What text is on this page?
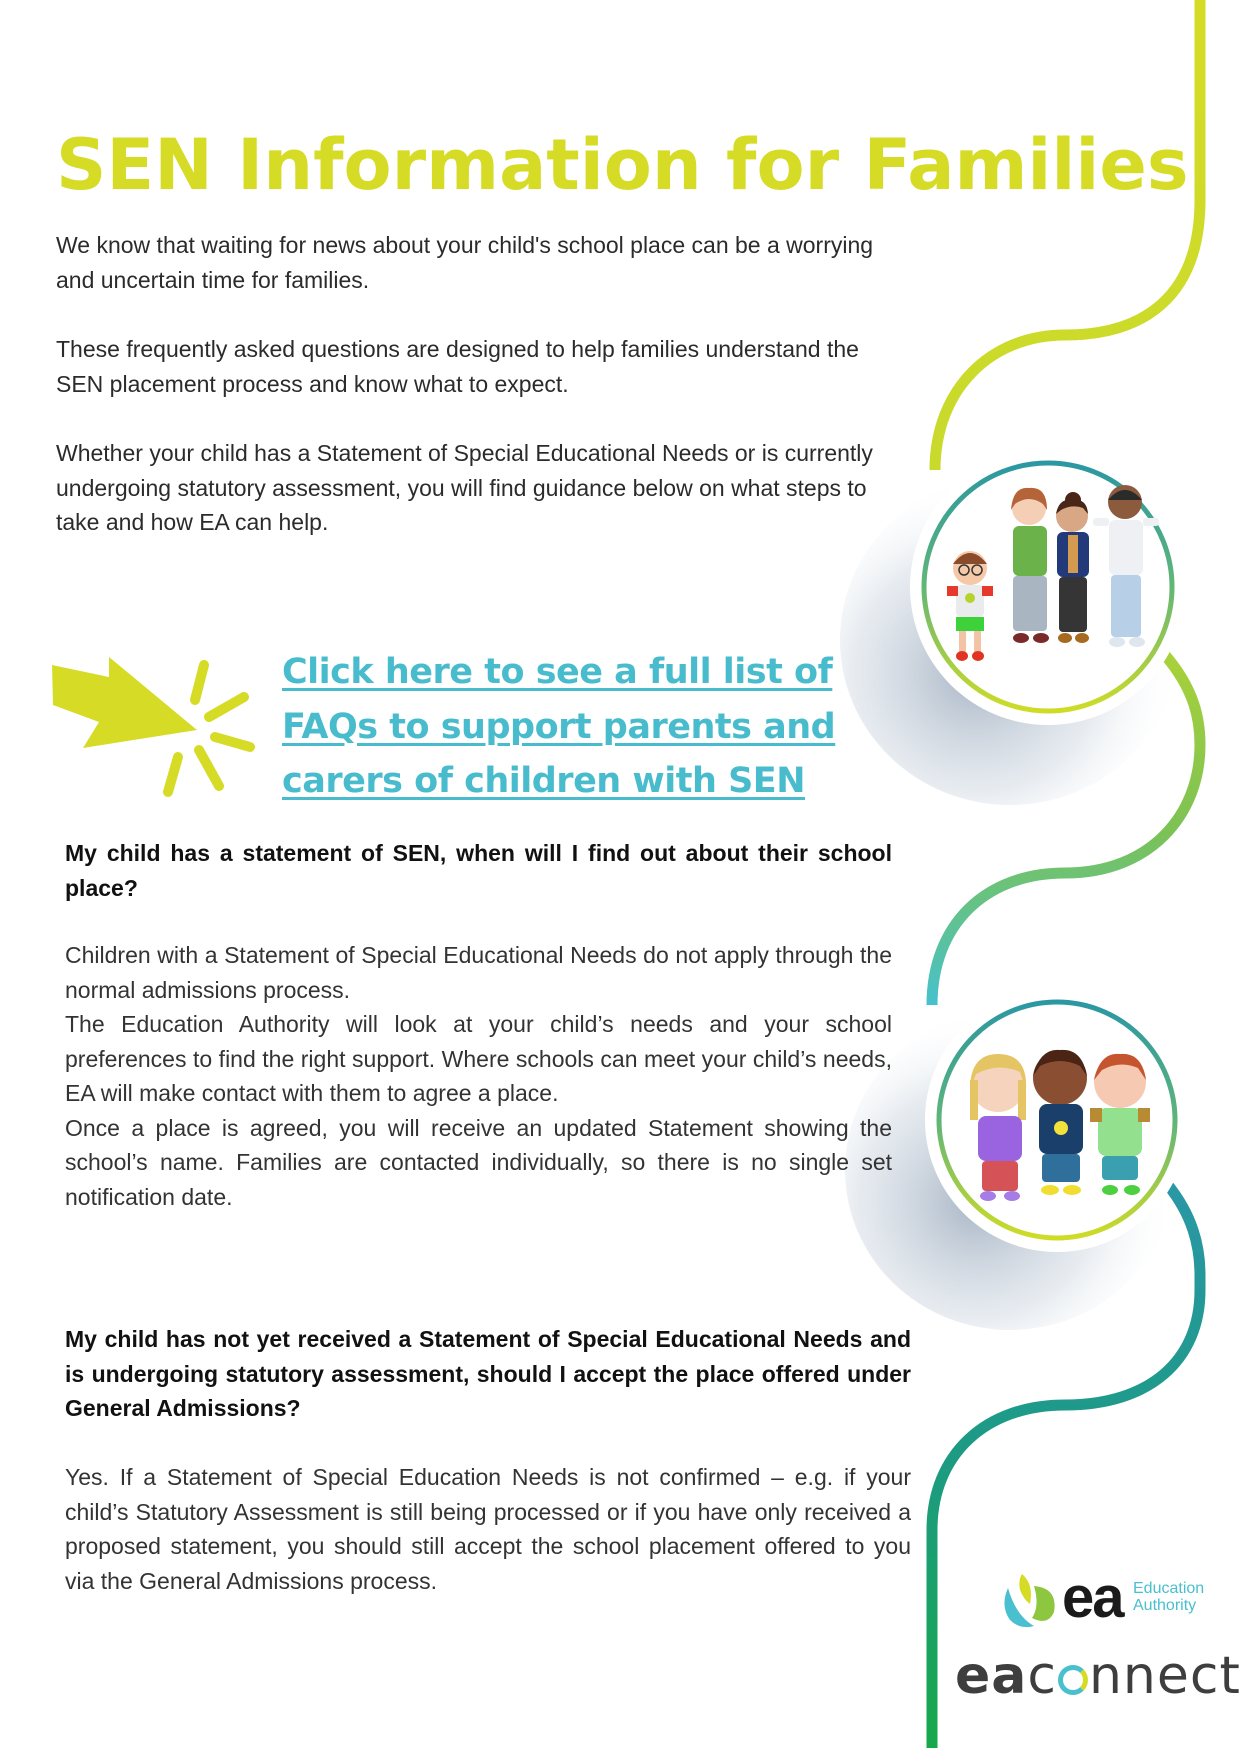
SEN Information for Families
We know that waiting for news about your child's school place can be a worrying and uncertain time for families.
These frequently asked questions are designed to help families understand the SEN placement process and know what to expect.
Whether your child has a Statement of Special Educational Needs or is currently undergoing statutory assessment, you will find guidance below on what steps to take and how EA can help.
Click here to see a full list of FAQs to support parents and carers of children with SEN
My child has a statement of SEN, when will I find out about their school place?

Children with a Statement of Special Educational Needs do not apply through the normal admissions process.

The Education Authority will look at your child’s needs and your school preferences to find the right support. Where schools can meet your child’s needs, EA will make contact with them to agree a place.

Once a place is agreed, you will receive an updated Statement showing the school’s name. Families are contacted individually, so there is no single set notification date.

My child has not yet received a Statement of Special Educational Needs and is undergoing statutory assessment, should I accept the place offered under General Admissions?

Yes. If a Statement of Special Education Needs is not confirmed – e.g. if your child’s Statutory Assessment is still being processed or if you have only received a proposed statement, you should still accept the school placement offered to you via the General Admissions process.	ea Education
Authority
eac nnect
